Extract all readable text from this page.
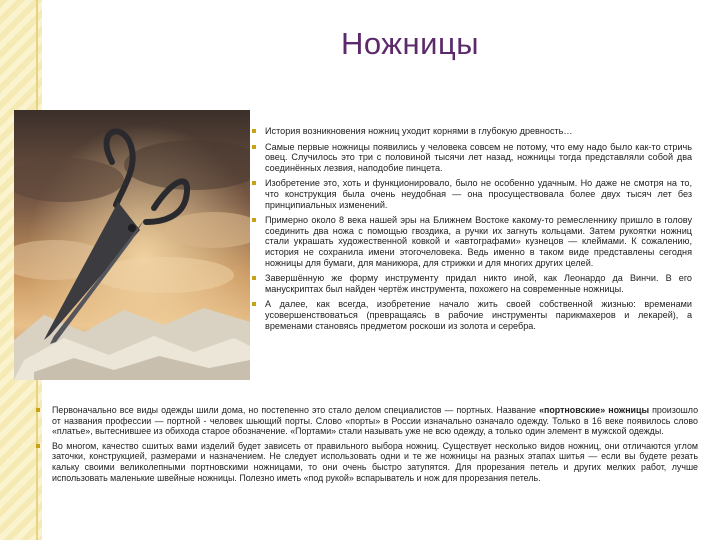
Ножницы
История возникновения ножниц уходит корнями в глубокую древность…
Самые первые ножницы появились у человека совсем не потому, что ему надо было как-то стричь овец. Случилось это три с половиной тысячи лет назад, ножницы тогда представляли собой два соединённых лезвия, наподобие пинцета.
Изобретение это, хоть и функционировало, было не особенно удачным. Но даже не смотря на то, что конструкция была очень неудобная — она просуществовала более двух тысяч лет без принципиальных изменений.
Примерно около 8 века нашей эры на Ближнем Востоке какому-то ремесленнику пришло в голову соединить два ножа с помощью гвоздика, а ручки их загнуть кольцами. Затем рукоятки ножниц стали украшать художественной ковкой и «автографами» кузнецов — клеймами. К сожалению, история не сохранила имени этогочеловека. Ведь именно в таком виде представлены сегодня ножницы для бумаги, для маникюра, для стрижки и для многих других целей.
Завершённую же форму инструменту придал никто иной, как Леонардо да Винчи. В его манускриптах был найден чертёж инструмента, похожего на современные ножницы.
А далее, как всегда, изобретение начало жить своей собственной жизнью: временами усовершенствоваться (превращаясь в рабочие инструменты парикмахеров и лекарей), а временами становясь предметом роскоши из золота и серебра.
Первоначально все виды одежды шили дома, но постепенно это стало делом специалистов — портных. Название «портновские» ножницы произошло от названия профессии — портной - человек шьющий порты. Слово «порты» в России изначально означало одежду. Только в 16 веке появилось слово «платье», вытеснившее из обихода старое обозначение. «Портами» стали называть уже не всю одежду, а только один элемент в мужской одежды.
Во многом, качество сшитых вами изделий будет зависеть от правильного выбора ножниц. Существует несколько видов ножниц, они отличаются углом заточки, конструкцией, размерами и назначением. Не следует использовать одни и те же ножницы на разных этапах шитья — если вы будете резать кальку своими великолепными портновскими ножницами, то они очень быстро затупятся. Для прорезания петель и других мелких работ, лучше использовать маленькие швейные ножницы. Полезно иметь «под рукой» вспарыватель и нож для прорезания петель.
